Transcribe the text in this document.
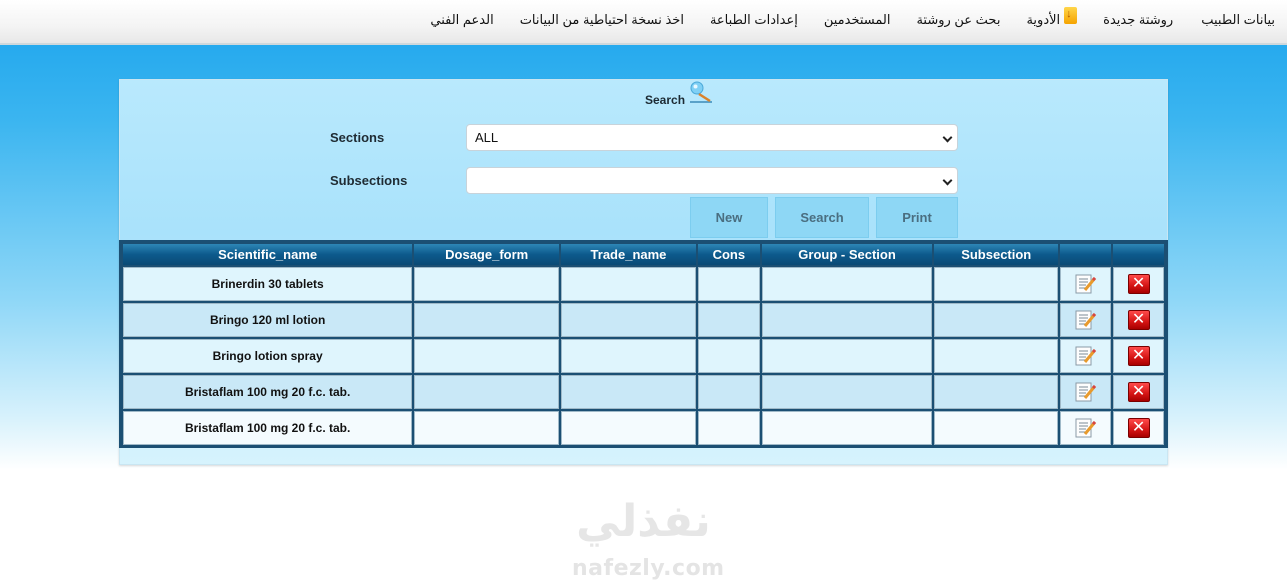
بيانات الطبيب
روشتة جديدة
↓
الأدوية
بحث عن روشتة
المستخدمين
إعدادات الطباعة
اخذ نسخة احتياطية من البيانات
الدعم الفني
Search
Sections	ALL
Subsections
New	Search	Print
Scientific_name	Dosage_form	Trade_name	Cons	Group - Section	Subsection		
Brinerdin 30 tablets							✕
Bringo 120 ml lotion							✕
Bringo lotion spray							✕
Bristaflam 100 mg 20 f.c. tab.							✕
Bristaflam 100 mg 20 f.c. tab.							✕
نفذلي
nafezly.com
